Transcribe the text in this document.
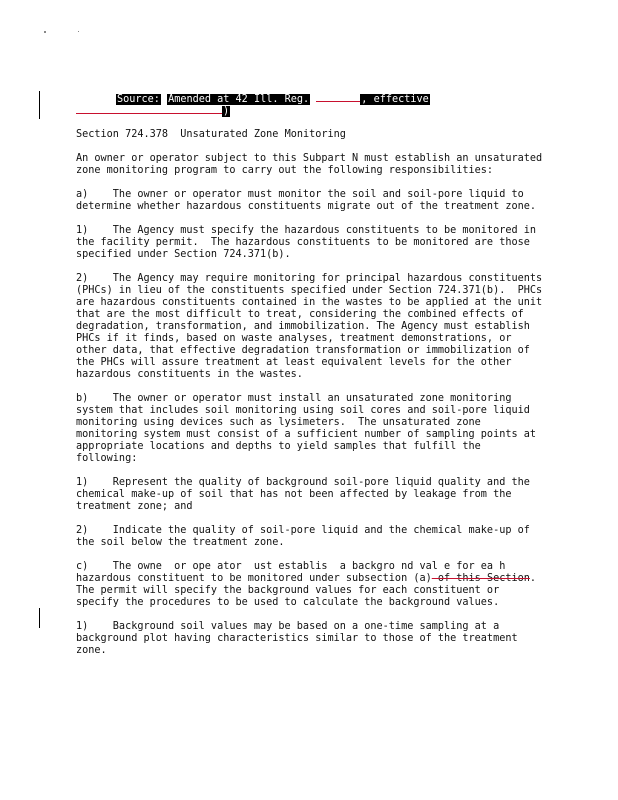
Source: Amended at 42 Ill. Reg.	, effective
)

Section 724.378 Unsaturated Zone Monitoring

An owner or operator subject to this Subpart N must establish an unsaturated zone monitoring program to carry out the following responsibilities:

a)    The owner or operator must monitor the soil and soil-pore liquid to determine whether hazardous constituents migrate out of the treatment zone.

1)    The Agency must specify the hazardous constituents to be monitored in the facility permit.  The hazardous constituents to be monitored are those specified under Section 724.371(b).

2)    The Agency may require monitoring for principal hazardous constituents (PHCs) in lieu of the constituents specified under Section 724.371(b).  PHCs are hazardous constituents contained in the wastes to be applied at the unit that are the most difficult to treat, considering the combined effects of degradation, transformation, and immobilization. The Agency must establish PHCs if it finds, based on waste analyses, treatment demonstrations, or other data, that effective degradation transformation or immobilization of the PHCs will assure treatment at least equivalent levels for the other hazardous constituents in the wastes.

b)    The owner or operator must install an unsaturated zone monitoring system that includes soil monitoring using soil cores and soil-pore liquid monitoring using devices such as lysimeters.  The unsaturated zone monitoring system must consist of a sufficient number of sampling points at appropriate locations and depths to yield samples that fulfill the following:

1)    Represent the quality of background soil-pore liquid quality and the chemical make-up of soil that has not been affected by leakage from the treatment zone; and

2)    Indicate the quality of soil-pore liquid and the chemical make-up of the soil below the treatment zone.

c)    The owne  or ope ator  ust establis  a backgro nd val e for ea h hazardous constituent to be monitored under subsection (a) of this Section.  The permit will specify the background values for each constituent or specify the procedures to be used to calculate the background values.

1)    Background soil values may be based on a one-time sampling at a background plot having characteristics similar to those of the treatment zone.
